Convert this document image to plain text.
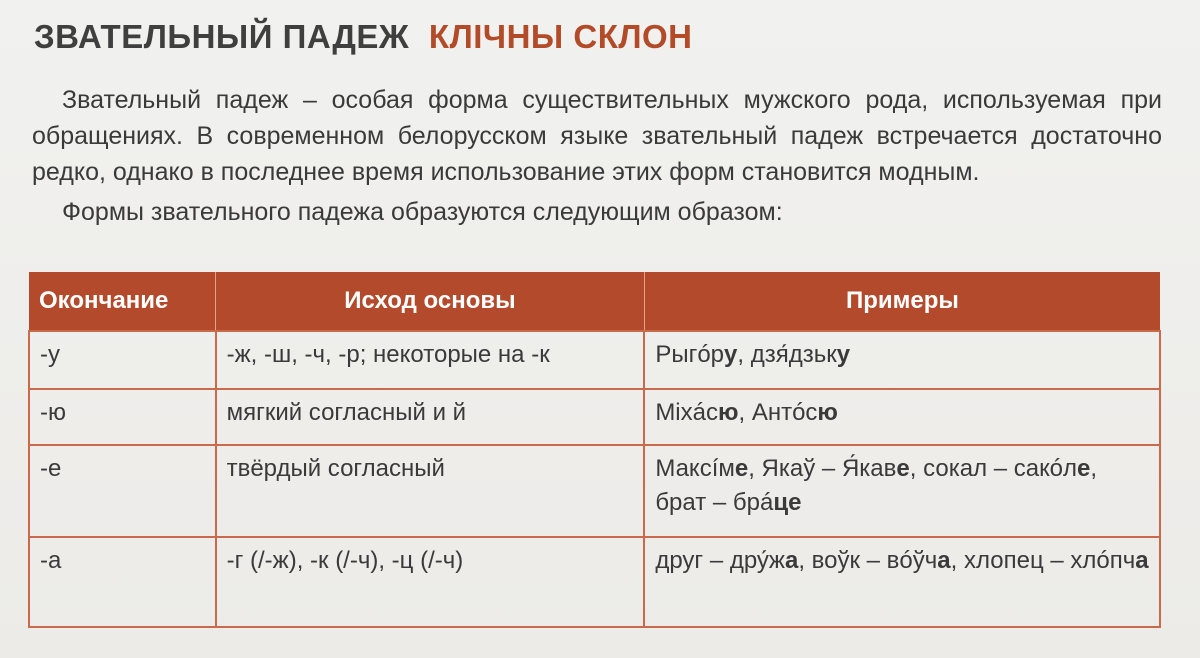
ЗВАТЕЛЬНЫЙ ПАДЕЖ КЛІЧНЫ СКЛОН

Звательный падеж – особая форма существительных мужского рода, используемая при обращениях. В современном белорусском языке звательный падеж встречается достаточно редко, однако в последнее время использование этих форм становится модным.

Формы звательного падежа образуются следующим образом:

Окончание	Исход основы	Примеры
-у	-ж, -ш, -ч, -р; некоторые на -к	Рыгóру, дзя́дзьку
-ю	мягкий согласный и й	Міхáсю, Антóсю
-е	твёрдый согласный	Максíме, Якаў – Я́каве, сокал – сакóле, брат – брáце
-а	-г (/-ж), -к (/-ч), -ц (/-ч)	друг – дру́жа, воўк – вóўча, хлопец – хлóпча
